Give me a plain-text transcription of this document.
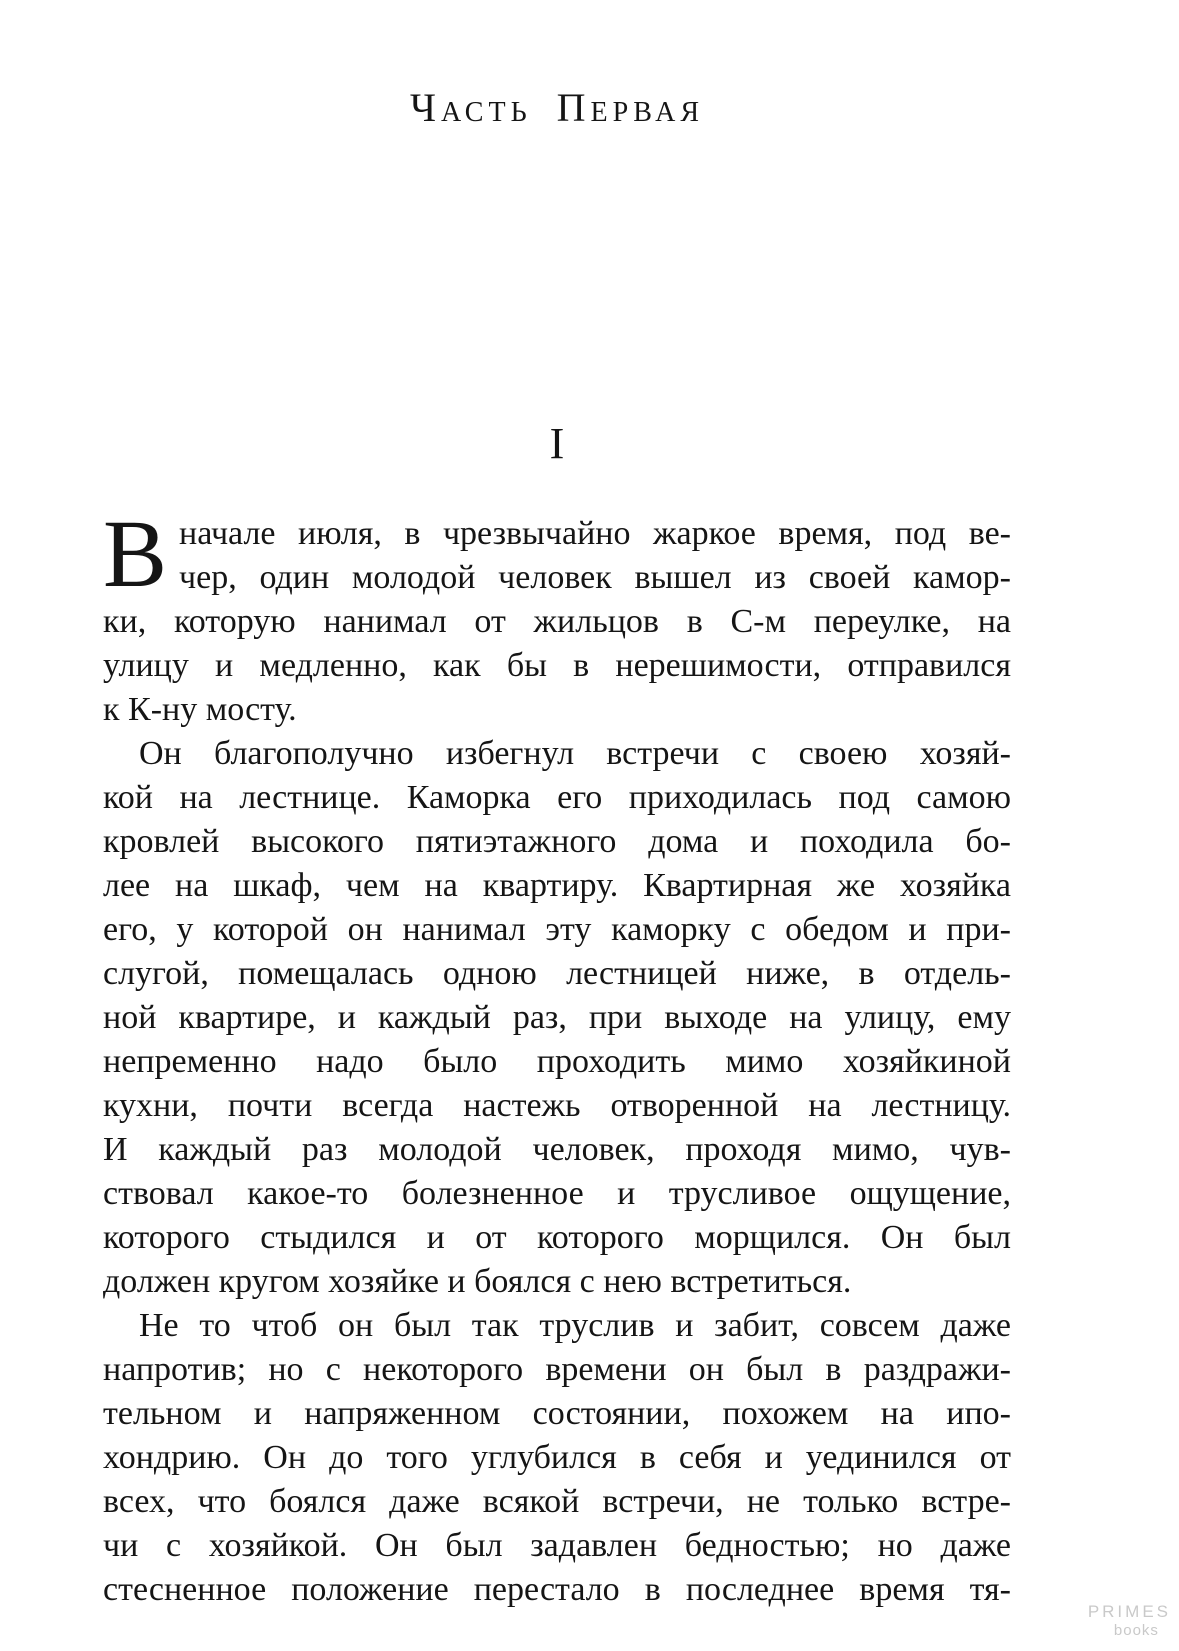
Часть Первая
I
В начале июля, в чрезвычайно жаркое время, под ве-
чер, один молодой человек вышел из своей камор-
ки, которую нанимал от жильцов в С-м переулке, на
улицу и медленно, как бы в нерешимости, отправился
к К-ну мосту.
Он благополучно избегнул встречи с своею хозяй-
кой на лестнице. Каморка его приходилась под самою
кровлей высокого пятиэтажного дома и походила бо-
лее на шкаф, чем на квартиру. Квартирная же хозяйка
его, у которой он нанимал эту каморку с обедом и при-
слугой, помещалась одною лестницей ниже, в отдель-
ной квартире, и каждый раз, при выходе на улицу, ему
непременно надо было проходить мимо хозяйкиной
кухни, почти всегда настежь отворенной на лестницу.
И каждый раз молодой человек, проходя мимо, чув-
ствовал какое-то болезненное и трусливое ощущение,
которого стыдился и от которого морщился. Он был
должен кругом хозяйке и боялся с нею встретиться.
Не то чтоб он был так труслив и забит, совсем даже
напротив; но с некоторого времени он был в раздражи-
тельном и напряженном состоянии, похожем на ипо-
хондрию. Он до того углубился в себя и уединился от
всех, что боялся даже всякой встречи, не только встре-
чи с хозяйкой. Он был задавлен бедностью; но даже
стесненное положение перестало в последнее время тя-
PRIMES
books
